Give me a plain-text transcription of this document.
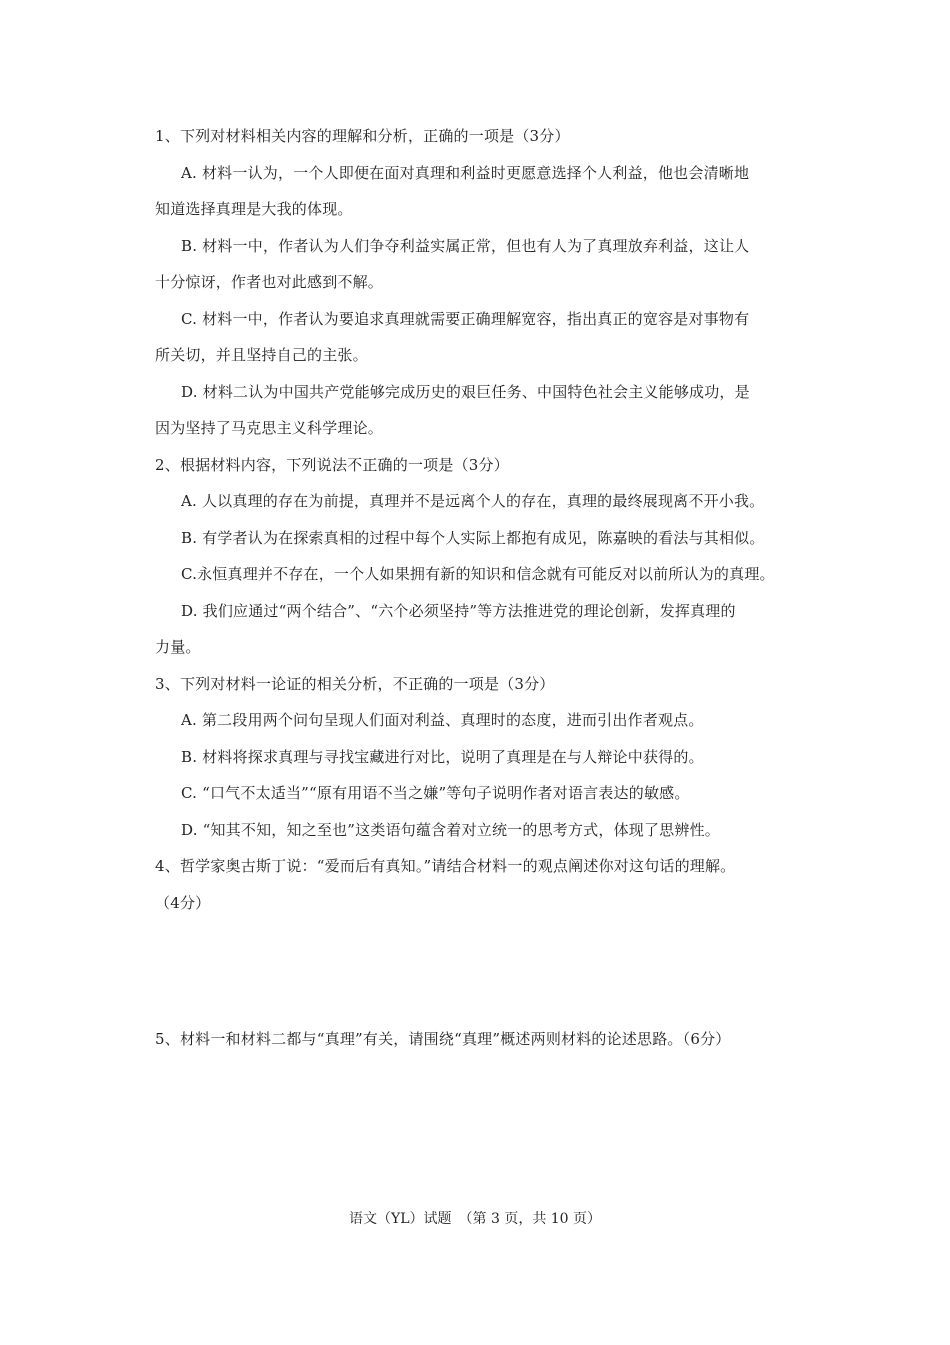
1、下列对材料相关内容的理解和分析，正确的一项是（3分）
A. 材料一认为，一个人即便在面对真理和利益时更愿意选择个人利益，他也会清晰地
知道选择真理是大我的体现。
B. 材料一中，作者认为人们争夺利益实属正常，但也有人为了真理放弃利益，这让人
十分惊讶，作者也对此感到不解。
C. 材料一中，作者认为要追求真理就需要正确理解宽容，指出真正的宽容是对事物有
所关切，并且坚持自己的主张。
D. 材料二认为中国共产党能够完成历史的艰巨任务、中国特色社会主义能够成功，是
因为坚持了马克思主义科学理论。
2、根据材料内容，下列说法不正确的一项是（3分）
A. 人以真理的存在为前提，真理并不是远离个人的存在，真理的最终展现离不开小我。
B. 有学者认为在探索真相的过程中每个人实际上都抱有成见，陈嘉映的看法与其相似。
C.永恒真理并不存在，一个人如果拥有新的知识和信念就有可能反对以前所认为的真理。
D. 我们应通过“两个结合”、“六个必须坚持”等方法推进党的理论创新，发挥真理的
力量。
3、下列对材料一论证的相关分析，不正确的一项是（3分）
A. 第二段用两个问句呈现人们面对利益、真理时的态度，进而引出作者观点。
B. 材料将探求真理与寻找宝藏进行对比，说明了真理是在与人辩论中获得的。
C. “口气不太适当”“原有用语不当之嫌”等句子说明作者对语言表达的敏感。
D. “知其不知，知之至也”这类语句蕴含着对立统一的思考方式，体现了思辨性。
4、哲学家奥古斯丁说：“爱而后有真知。”请结合材料一的观点阐述你对这句话的理解。
（4分）
5、材料一和材料二都与“真理”有关，请围绕“真理”概述两则材料的论述思路。（6分）
语文（YL）试题　（第 3 页，共 10 页）
